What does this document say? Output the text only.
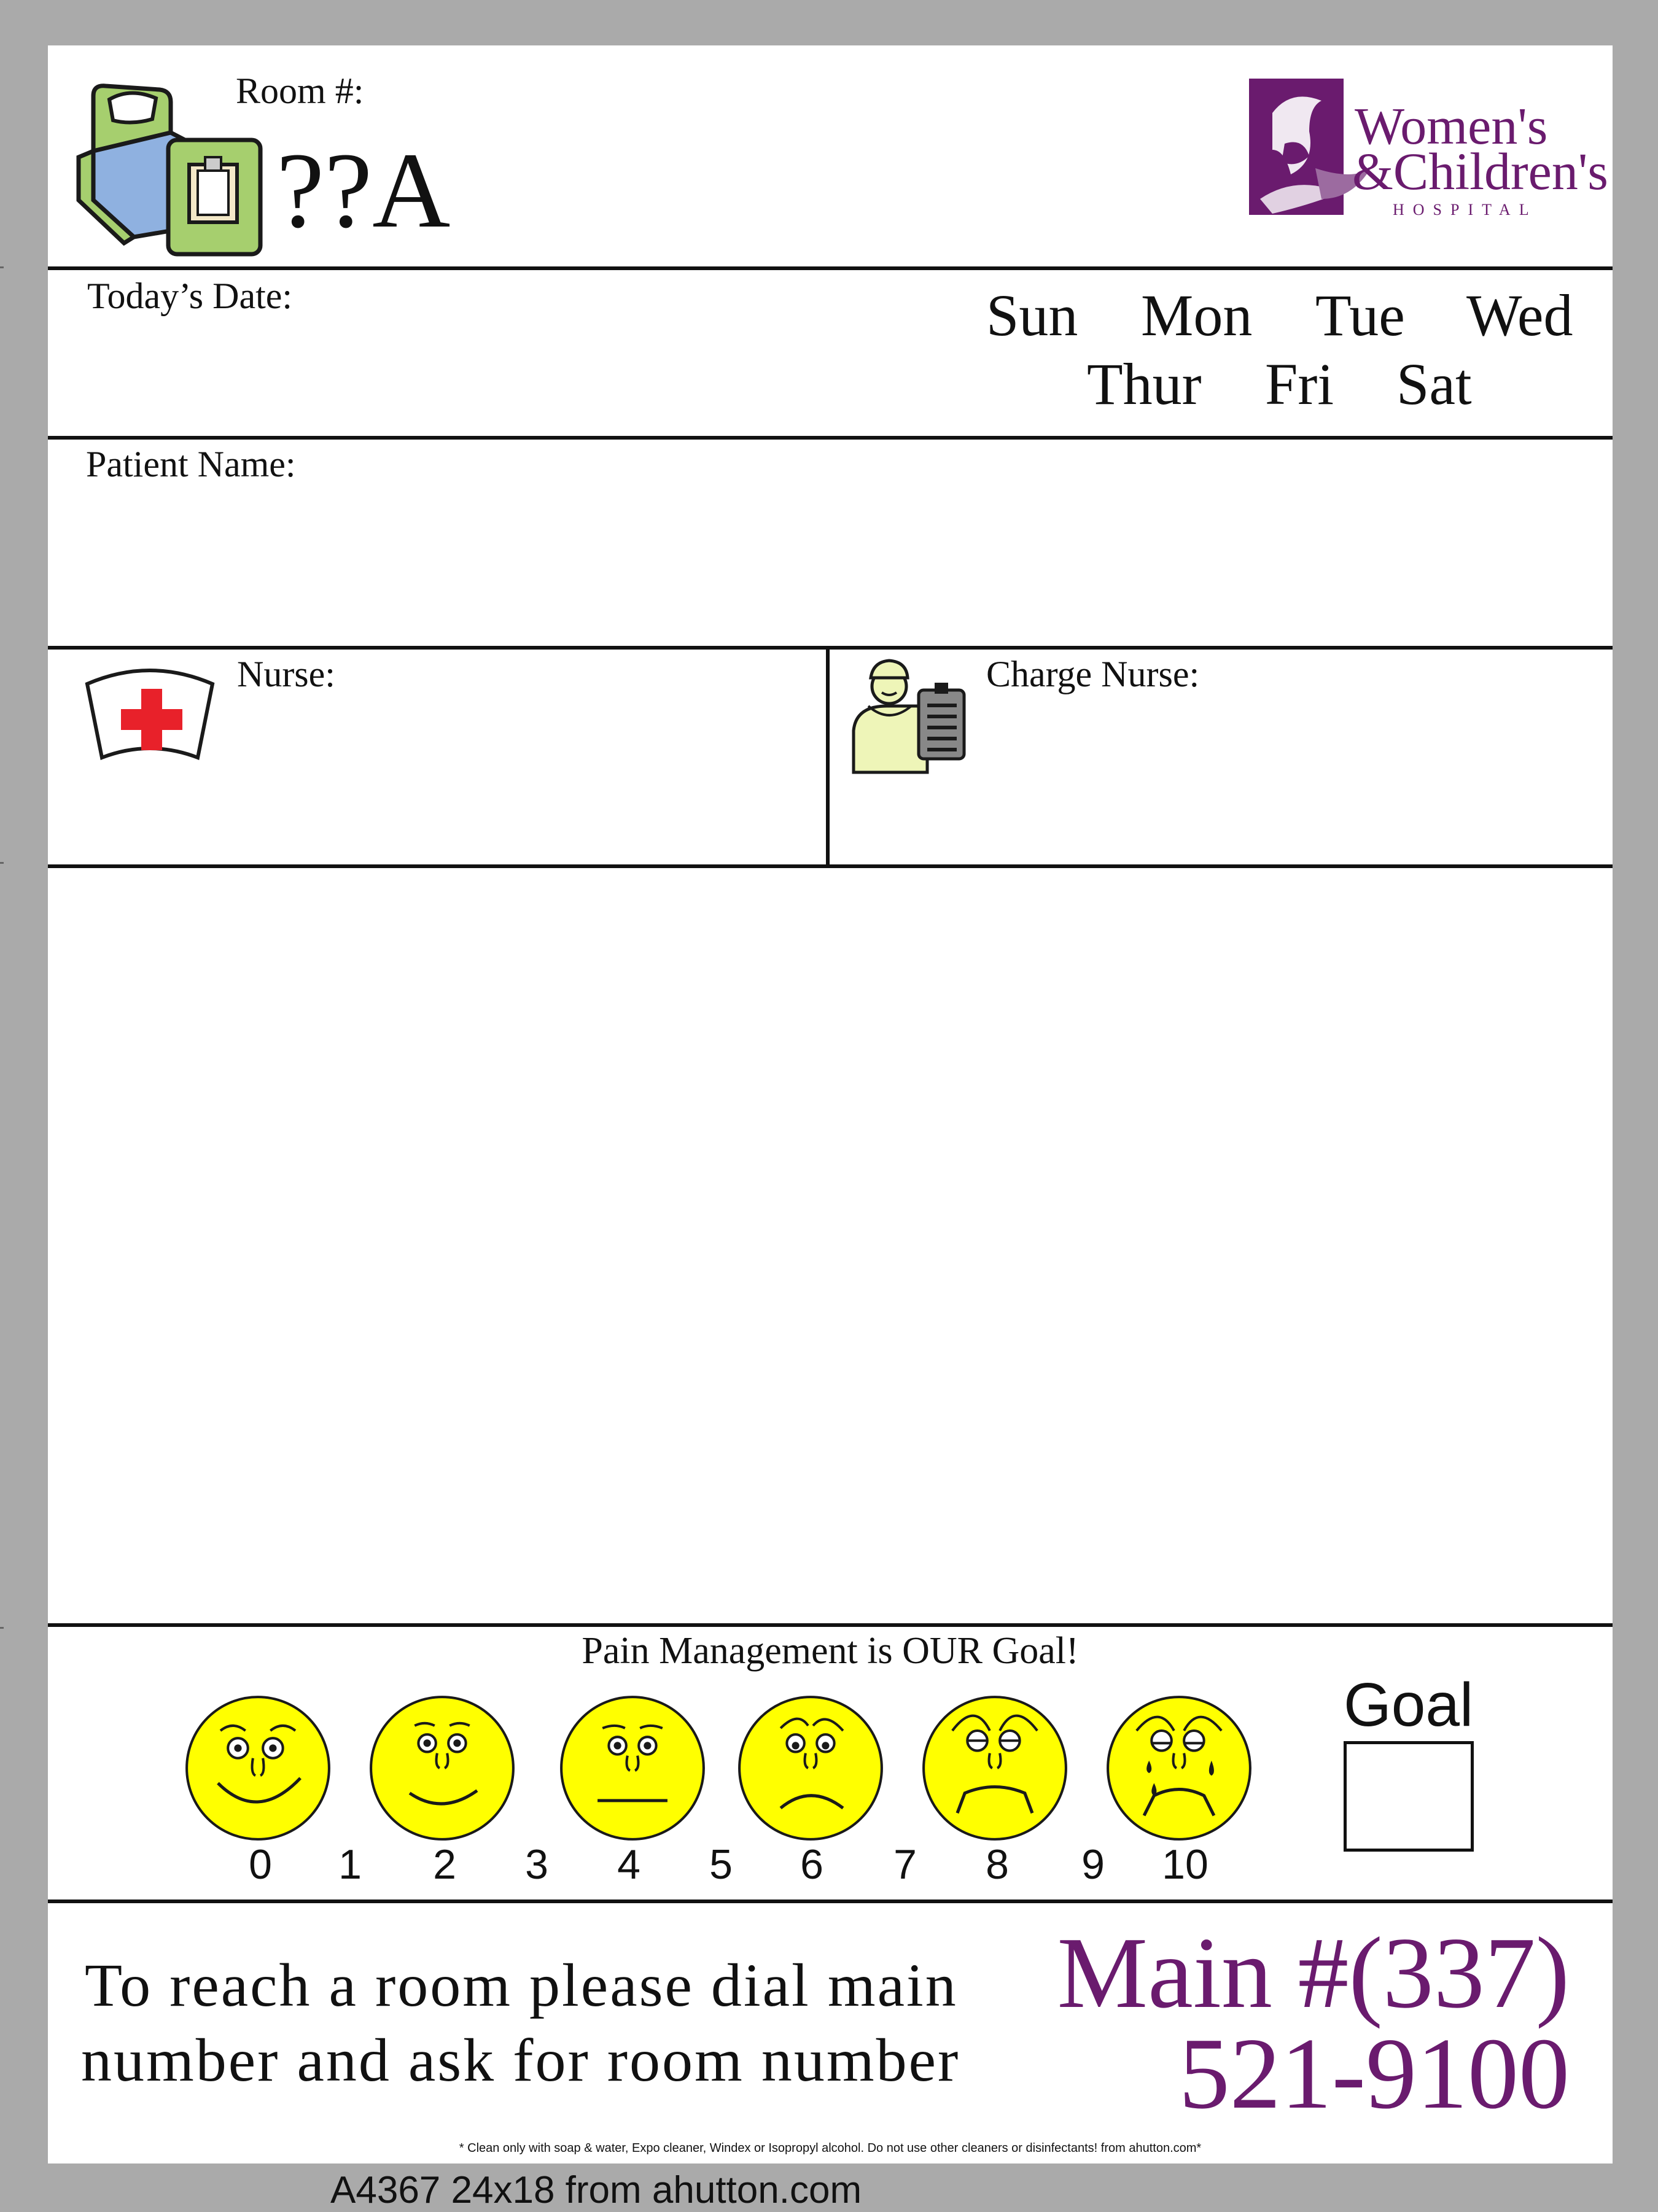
Room #:
??A
Women's
&Children's
HOSPITAL
Today’s Date:	Sun Mon Tue Wed
Thur Fri Sat
Patient Name:
Nurse:	Charge Nurse:
Pain Management is OUR Goal!
0	1	2	3	4	5	6	7	8	9	10
Goal
To reach a room please dial main
number and ask for room number
Main #(337)
521-9100
* Clean only with soap & water, Expo cleaner, Windex or Isopropyl alcohol. Do not use other cleaners or disinfectants! from ahutton.com*
A4367 24x18 from ahutton.com
